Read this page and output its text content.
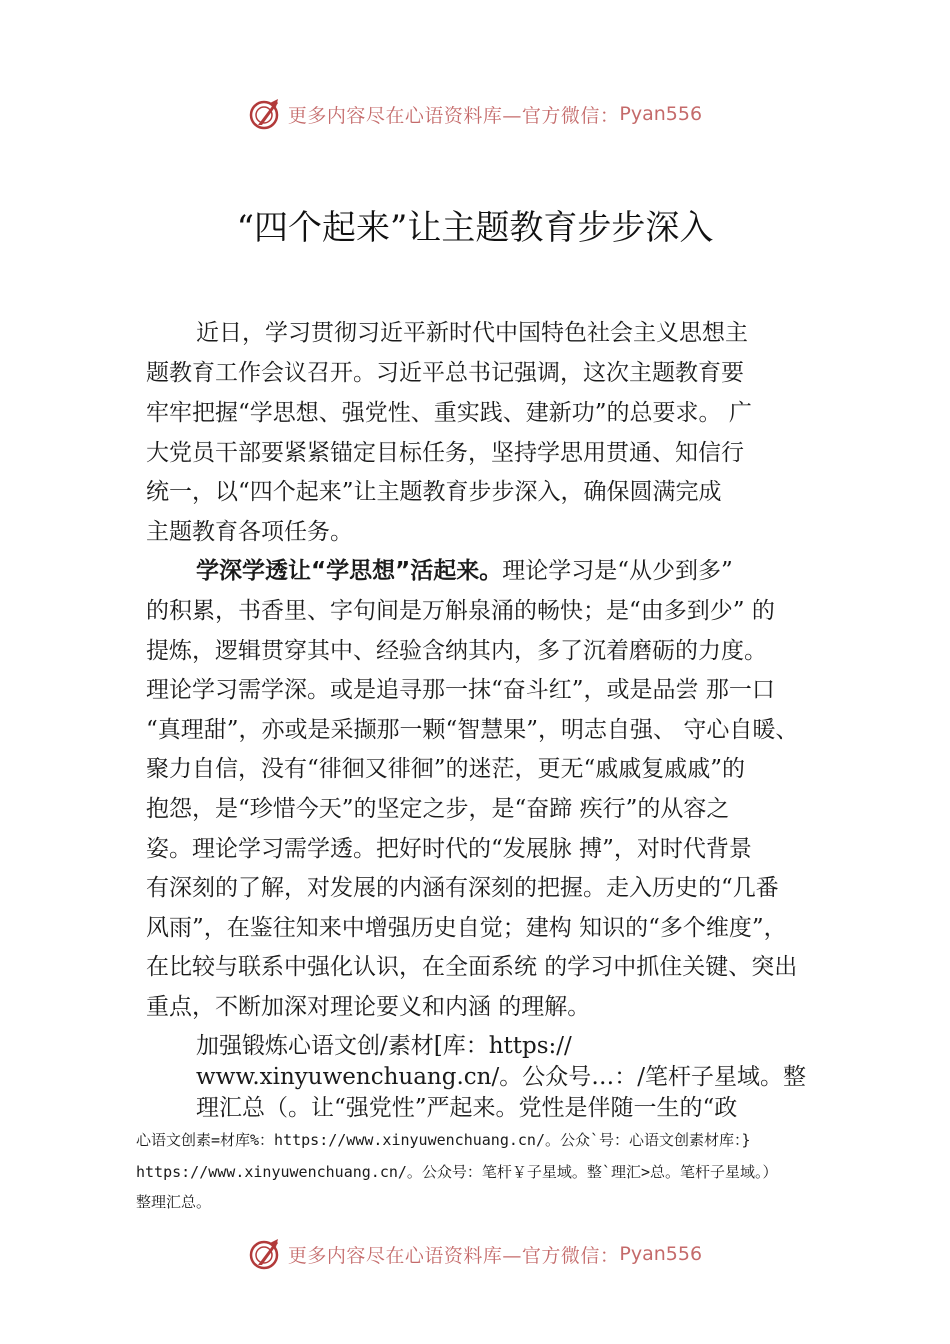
更多内容尽在心语资料库—官方微信： Pyan556
“四个起来”让主题教育步步深入
近日，学习贯彻习近平新时代中国特色社会主义思想主
题教育工作会议召开。习近平总书记强调，这次主题教育要
牢牢把握“学思想、强党性、重实践、建新功”的总要求。 广
大党员干部要紧紧锚定目标任务，坚持学思用贯通、知信行
统一，以“四个起来”让主题教育步步深入，确保圆满完成
主题教育各项任务。
学深学透让“学思想”活起来。理论学习是“从少到多”
的积累，书香里、字句间是万斛泉涌的畅快；是“由多到少” 的
提炼，逻辑贯穿其中、经验含纳其内，多了沉着磨砺的力度。
理论学习需学深。或是追寻那一抹“奋斗红”，或是品尝 那一口
“真理甜”，亦或是采撷那一颗“智慧果”，明志自强、 守心自暖、
聚力自信，没有“徘徊又徘徊”的迷茫，更无“戚戚复戚戚”的
抱怨，是“珍惜今天”的坚定之步，是“奋蹄 疾行”的从容之
姿。理论学习需学透。把好时代的“发展脉 搏”，对时代背景
有深刻的了解，对发展的内涵有深刻的把握。走入历史的“几番
风雨”，在鉴往知来中增强历史自觉；建构 知识的“多个维度”，
在比较与联系中强化认识，在全面系统 的学习中抓住关键、突出
重点，不断加深对理论要义和内涵 的理解。
加强锻炼心语文创/素材[库：https://
www.xinyuwenchuang.cn/。公众号…：/笔杆子星域。整
理汇总（。让“强党性”严起来。党性是伴随一生的“政
心语文创素=材库%：https://www.xinyuwenchuang.cn/。公众`号：心语文创素材库：}
https://www.xinyuwenchuang.cn/。公众号：笔杆￥子星域。整`理汇>总。笔杆子星域。）
整理汇总。
更多内容尽在心语资料库—官方微信： Pyan556
